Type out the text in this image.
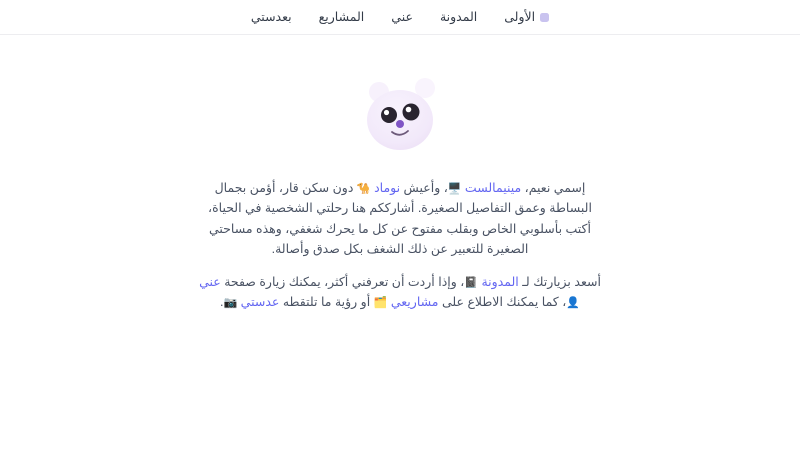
الأولى
المدونة
عني
المشاريع
بعدستي

إسمي نعيم، مينيمالست 🖥️، وأعيش نوماد 🐪 دون سكن قار، أؤمن بجمال البساطة وعمق التفاصيل الصغيرة. أشارككم هنا رحلتي الشخصية في الحياة، أكتب بأسلوبي الخاص وبقلب مفتوح عن كل ما يحرك شغفي، وهذه مساحتي الصغيرة للتعبير عن ذلك الشغف بكل صدق وأصالة.

أسعد بزيارتك لـ المدونة 📓، وإذا أردت أن تعرفني أكثر، يمكنك زيارة صفحة عني 👤، كما يمكنك الاطلاع على مشاريعي 🗂️ أو رؤية ما تلتقطه عدستي 📷.
